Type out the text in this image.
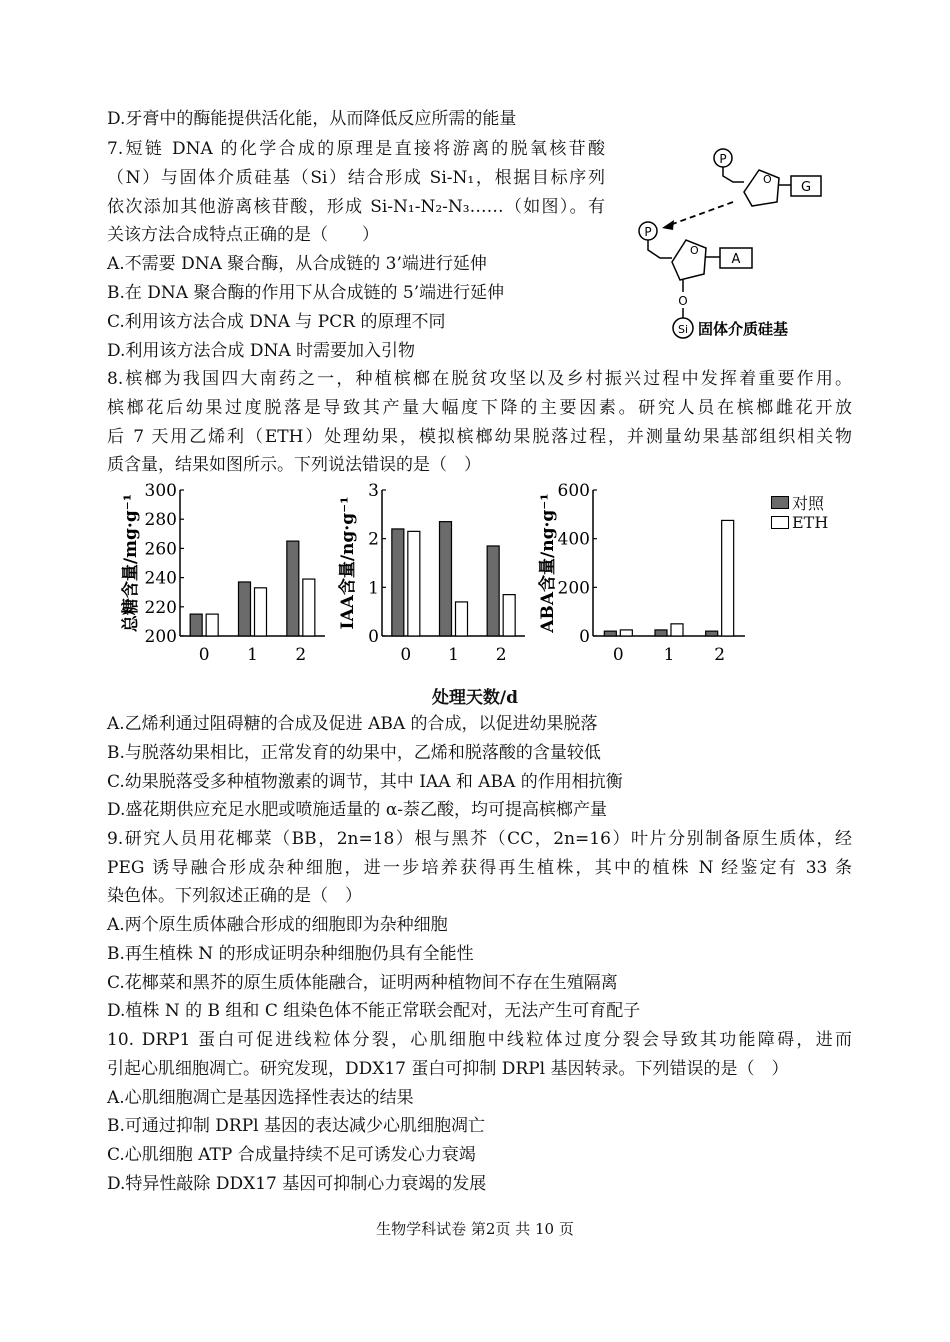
D.牙膏中的酶能提供活化能，从而降低反应所需的能量
7.短链 DNA 的化学合成的原理是直接将游离的脱氧核苷酸
（N）与固体介质硅基（Si）结合形成 Si-N₁，根据目标序列
依次添加其他游离核苷酸，形成 Si-N₁-N₂-N₃……（如图）。有
关该方法合成特点正确的是（　　）
A.不需要 DNA 聚合酶，从合成链的 3’端进行延伸
B.在 DNA 聚合酶的作用下从合成链的 5’端进行延伸
C.利用该方法合成 DNA 与 PCR 的原理不同
D.利用该方法合成 DNA 时需要加入引物
8.槟榔为我国四大南药之一，种植槟榔在脱贫攻坚以及乡村振兴过程中发挥着重要作用。
槟榔花后幼果过度脱落是导致其产量大幅度下降的主要因素。研究人员在槟榔雌花开放
后 7 天用乙烯利（ETH）处理幼果，模拟槟榔幼果脱落过程，并测量幼果基部组织相关物
质含量，结果如图所示。下列说法错误的是（　）
A.乙烯利通过阻碍糖的合成及促进 ABA 的合成，以促进幼果脱落
B.与脱落幼果相比，正常发育的幼果中，乙烯和脱落酸的含量较低
C.幼果脱落受多种植物激素的调节，其中 IAA 和 ABA 的作用相抗衡
D.盛花期供应充足水肥或喷施适量的 α-萘乙酸，均可提高槟榔产量
9.研究人员用花椰菜（BB，2n=18）根与黑芥（CC，2n=16）叶片分别制备原生质体，经
PEG 诱导融合形成杂种细胞，进一步培养获得再生植株，其中的植株 N 经鉴定有 33 条
染色体。下列叙述正确的是（　）
A.两个原生质体融合形成的细胞即为杂种细胞
B.再生植株 N 的形成证明杂种细胞仍具有全能性
C.花椰菜和黑芥的原生质体能融合，证明两种植物间不存在生殖隔离
D.植株 N 的 B 组和 C 组染色体不能正常联会配对，无法产生可育配子
10. DRP1 蛋白可促进线粒体分裂，心肌细胞中线粒体过度分裂会导致其功能障碍，进而
引起心肌细胞凋亡。研究发现，DDX17 蛋白可抑制 DRPl 基因转录。下列错误的是（　）
A.心肌细胞凋亡是基因选择性表达的结果
B.可通过抑制 DRPl 基因的表达减少心肌细胞凋亡
C.心肌细胞 ATP 合成量持续不足可诱发心力衰竭
D.特异性敲除 DDX17 基因可抑制心力衰竭的发展
生物学科试卷 第2页 共 10 页
P
O
G
P
O
A
O
Si 固体介质硅基
总糖含量/mg·g⁻¹
200
220
240
260
280
300
0 1 2
IAA含量/ng·g⁻¹
0
1
2
3
0 1 2
ABA含量/ng·g⁻¹
0
200
400
600
0 1 2
对照
ETH
处理天数/d
